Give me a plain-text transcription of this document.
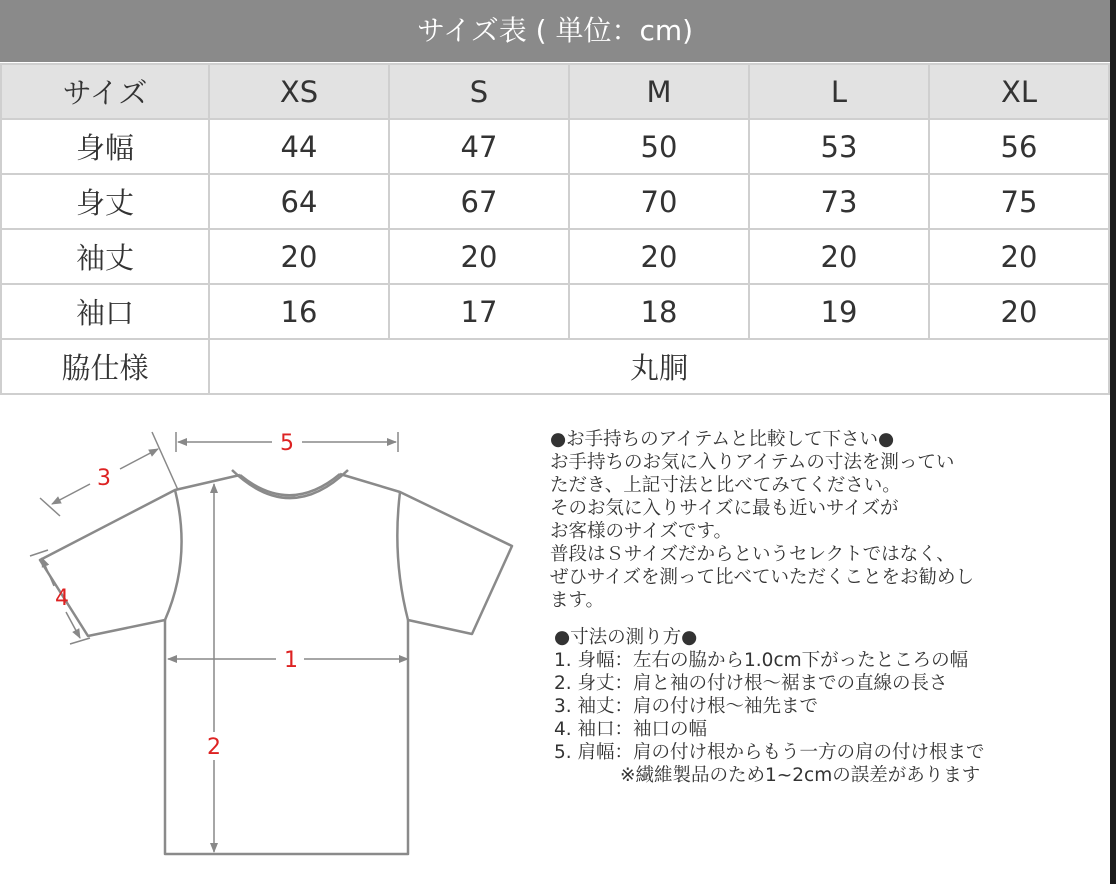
サイズ表 ( 単位：cm)
サイズ	XS	S	M	L	XL
身幅	44	47	50	53	56
身丈	64	67	70	73	75
袖丈	20	20	20	20	20
袖口	16	17	18	19	20
脇仕様	丸胴				
5
3
4
1
2

●お手持ちのアイテムと比較して下さい●

お手持ちのお気に入りアイテムの寸法を測ってい

ただき、上記寸法と比べてみてください。

そのお気に入りサイズに最も近いサイズが

お客様のサイズです。

普段はＳサイズだからというセレクトではなく、

ぜひサイズを測って比べていただくことをお勧めし

ます。

●寸法の測り方●

1. 身幅：左右の脇から1.0cm下がったところの幅

2. 身丈：肩と袖の付け根〜裾までの直線の長さ

3. 袖丈：肩の付け根〜袖先まで

4. 袖口：袖口の幅

5. 肩幅：肩の付け根からもう一方の肩の付け根まで

※繊維製品のため1~2cmの誤差があります
